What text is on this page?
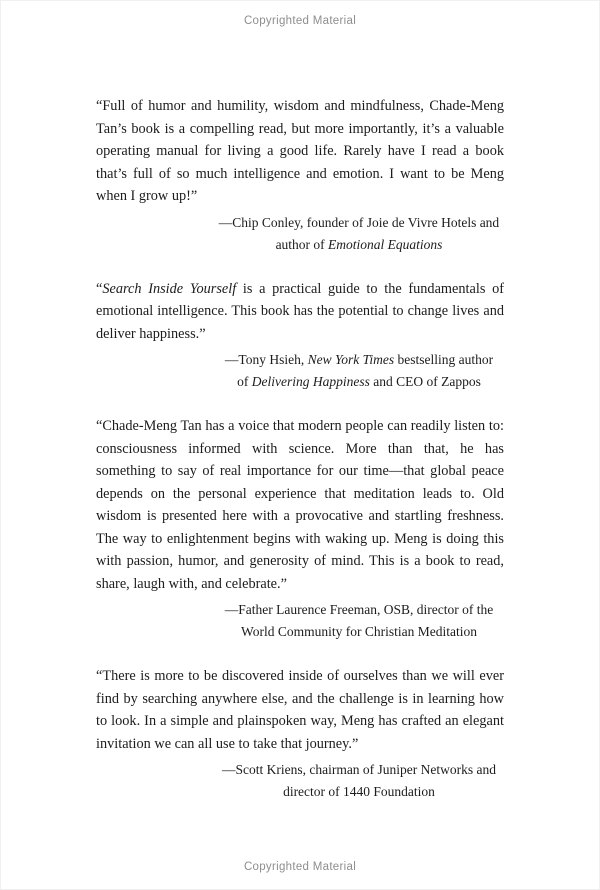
Copyrighted Material

“Full of humor and humility, wisdom and mindfulness, Chade-Meng Tan’s book is a compelling read, but more importantly, it’s a valuable operating manual for living a good life. Rarely have I read a book that’s full of so much intelligence and emotion. I want to be Meng when I grow up!”

—Chip Conley, founder of Joie de Vivre Hotels and
author of Emotional Equations

“Search Inside Yourself is a practical guide to the fundamentals of emotional intelligence. This book has the potential to change lives and deliver happiness.”

—Tony Hsieh, New York Times bestselling author
of Delivering Happiness and CEO of Zappos

“Chade-Meng Tan has a voice that modern people can readily listen to: consciousness informed with science. More than that, he has something to say of real importance for our time—that global peace depends on the personal experience that meditation leads to. Old wisdom is presented here with a provocative and startling freshness. The way to enlightenment begins with waking up. Meng is doing this with passion, humor, and generosity of mind. This is a book to read, share, laugh with, and celebrate.”

—Father Laurence Freeman, OSB, director of the
World Community for Christian Meditation

“There is more to be discovered inside of ourselves than we will ever find by searching anywhere else, and the challenge is in learning how to look. In a simple and plainspoken way, Meng has crafted an elegant invitation we can all use to take that journey.”

—Scott Kriens, chairman of Juniper Networks and
director of 1440 Foundation
Copyrighted Material
